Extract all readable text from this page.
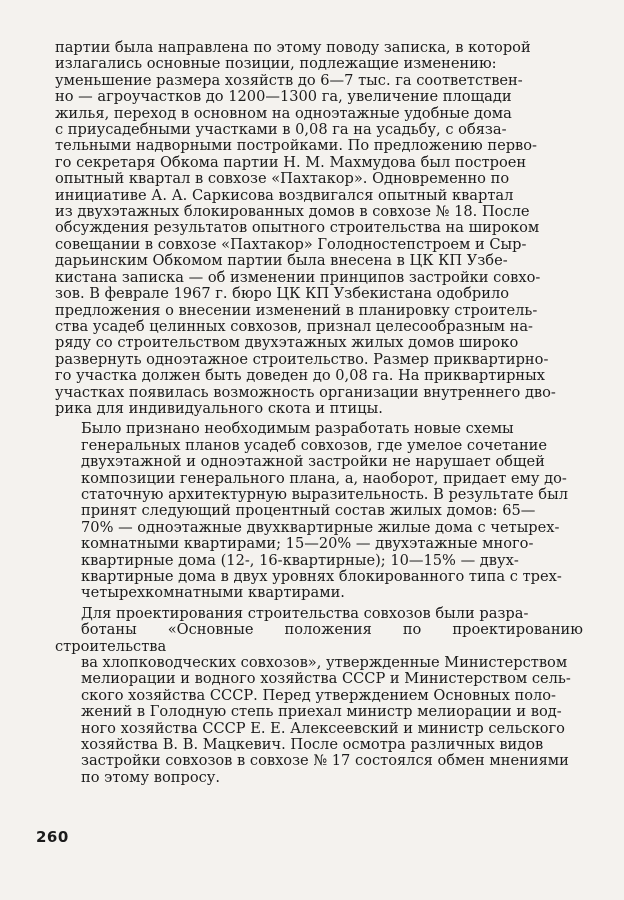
партии была направлена по этому поводу записка, в которой
излагались основные позиции, подлежащие изменению:
уменьшение размера хозяйств до 6—7 тыс. га соответствен-
но — агроучастков до 1200—1300 га, увеличение площади
жилья, переход в основном на одноэтажные удобные дома
с приусадебными участками в 0,08 га на усадьбу, с обяза-
тельными надворными постройками. По предложению перво-
го секретаря Обкома партии Н. М. Махмудова был построен
опытный квартал в совхозе «Пахтакор». Одновременно по
инициативе А. А. Саркисова воздвигался опытный квартал
из двухэтажных блокированных домов в совхозе № 18. После
обсуждения результатов опытного строительства на широком
совещании в совхозе «Пахтакор» Голодностепстроем и Сыр-
дарьинским Обкомом партии была внесена в ЦК КП Узбе-
кистана записка — об изменении принципов застройки совхо-
зов. В феврале 1967 г. бюро ЦК КП Узбекистана одобрило
предложения о внесении изменений в планировку строитель-
ства усадеб целинных совхозов, признал целесообразным на-
ряду со строительством двухэтажных жилых домов широко
развернуть одноэтажное строительство. Размер приквартирно-
го участка должен быть доведен до 0,08 га. На приквартирных
участках появилась возможность организации внутреннего дво-
рика для индивидуального скота и птицы.

Было признано необходимым разработать новые схемы
генеральных планов усадеб совхозов, где умелое сочетание
двухэтажной и одноэтажной застройки не нарушает общей
композиции генерального плана, а, наоборот, придает ему до-
статочную архитектурную выразительность. В результате был
принят следующий процентный состав жилых домов: 65—
70% — одноэтажные двухквартирные жилые дома с четырех-
комнатными квартирами; 15—20% — двухэтажные много-
квартирные дома (12-, 16-квартирные); 10—15% — двух-
квартирные дома в двух уровнях блокированного типа с трех-
четырехкомнатными квартирами.

Для проектирования строительства совхозов были разра-
ботаны «Основные положения по проектированию строительства
ва хлопководческих совхозов», утвержденные Министерством
мелиорации и водного хозяйства СССР и Министерством сель-
ского хозяйства СССР. Перед утверждением Основных поло-
жений в Голодную степь приехал министр мелиорации и вод-
ного хозяйства СССР Е. Е. Алексеевский и министр сельского
хозяйства В. В. Мацкевич. После осмотра различных видов
застройки совхозов в совхозе № 17 состоялся обмен мнениями
по этому вопросу.

260
